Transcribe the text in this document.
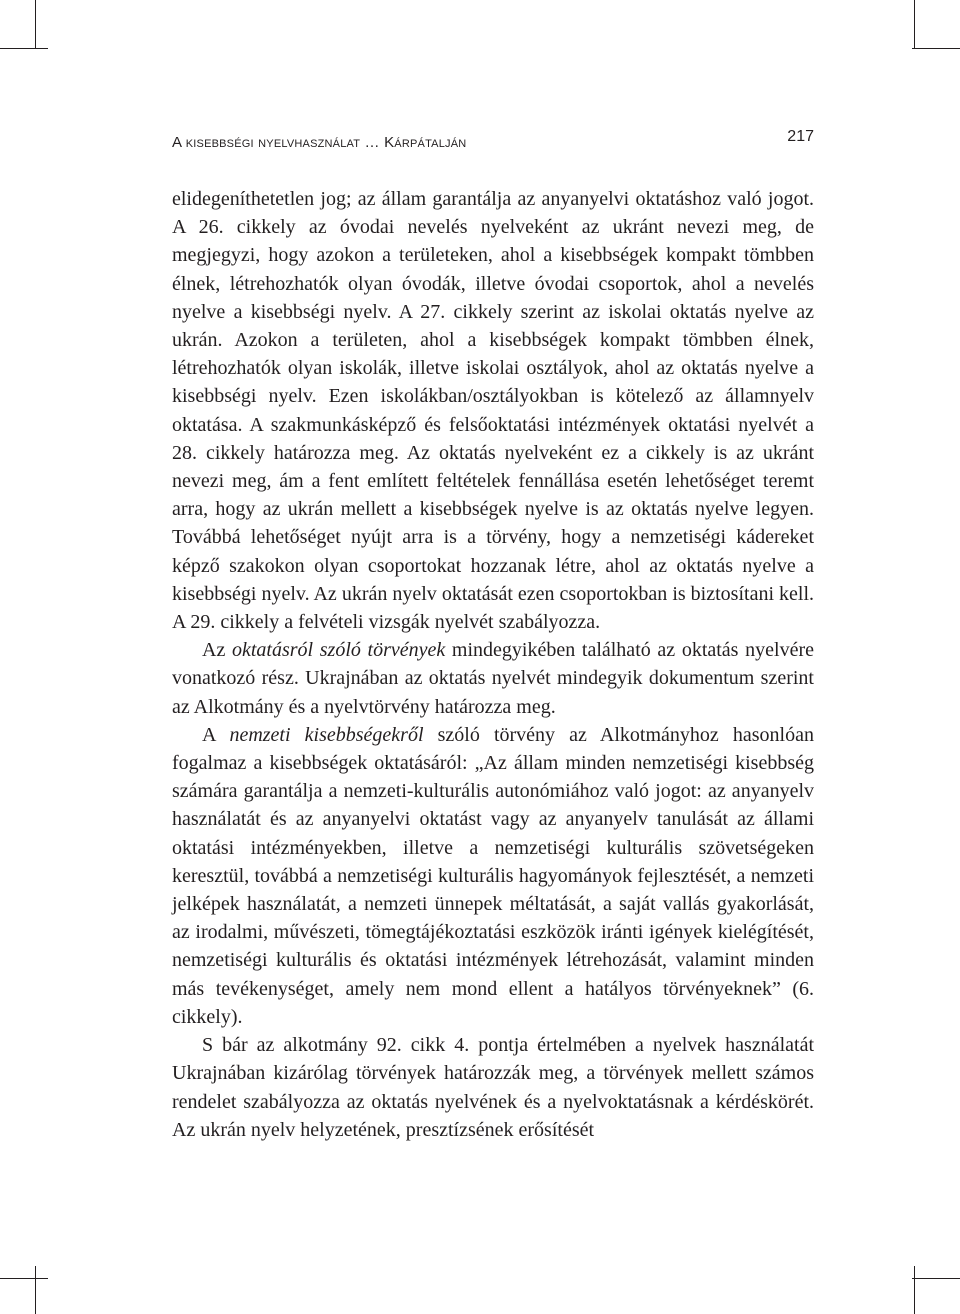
A kisebbségi nyelvhasználat … Kárpátalján	217

elidegeníthetetlen jog; az állam garantálja az anyanyelvi oktatáshoz való jogot. A 26. cikkely az óvodai nevelés nyelveként az ukránt nevezi meg, de megjegyzi, hogy azokon a területeken, ahol a kisebbségek kompakt tömbben élnek, létrehozhatók olyan óvodák, illetve óvodai csoportok, ahol a nevelés nyelve a kisebbségi nyelv. A 27. cikkely szerint az iskolai oktatás nyelve az ukrán. Azokon a területen, ahol a kisebbségek kompakt tömbben élnek, létrehozhatók olyan iskolák, illetve iskolai osztályok, ahol az oktatás nyelve a kisebbségi nyelv. Ezen iskolákban/osztályokban is kötelező az államnyelv oktatása. A szakmunkásképző és felsőoktatási intézmények oktatási nyelvét a 28. cikkely határozza meg. Az oktatás nyelveként ez a cikkely is az ukránt nevezi meg, ám a fent említett feltételek fennállása esetén lehetőséget teremt arra, hogy az ukrán mellett a kisebbségek nyelve is az oktatás nyelve legyen. Továbbá lehetőséget nyújt arra is a törvény, hogy a nemzetiségi kádereket képző szakokon olyan csoportokat hozzanak létre, ahol az oktatás nyelve a kisebbségi nyelv. Az ukrán nyelv oktatását ezen csoportokban is biztosítani kell. A 29. cikkely a felvételi vizsgák nyelvét szabályozza.

Az oktatásról szóló törvények mindegyikében található az oktatás nyelvére vonatkozó rész. Ukrajnában az oktatás nyelvét mindegyik dokumentum szerint az Alkotmány és a nyelvtörvény határozza meg.

A nemzeti kisebbségekről szóló törvény az Alkotmányhoz hasonlóan fogalmaz a kisebbségek oktatásáról: „Az állam minden nemzetiségi kisebbség számára garantálja a nemzeti-kulturális autonómiához való jogot: az anyanyelv használatát és az anyanyelvi oktatást vagy az anyanyelv tanulását az állami oktatási intézményekben, illetve a nemzetiségi kulturális szövetségeken keresztül, továbbá a nemzetiségi kulturális hagyományok fejlesztését, a nemzeti jelképek használatát, a nemzeti ünnepek méltatását, a saját vallás gyakorlását, az irodalmi, művészeti, tömegtájékoztatási eszközök iránti igények kielégítését, nemzetiségi kulturális és oktatási intézmények létrehozását, valamint minden más tevékenységet, amely nem mond ellent a hatályos törvényeknek” (6. cikkely).

S bár az alkotmány 92. cikk 4. pontja értelmében a nyelvek használatát Ukrajnában kizárólag törvények határozzák meg, a törvények mellett számos rendelet szabályozza az oktatás nyelvének és a nyelvoktatásnak a kérdéskörét. Az ukrán nyelv helyzetének, presztízsének erősítését
